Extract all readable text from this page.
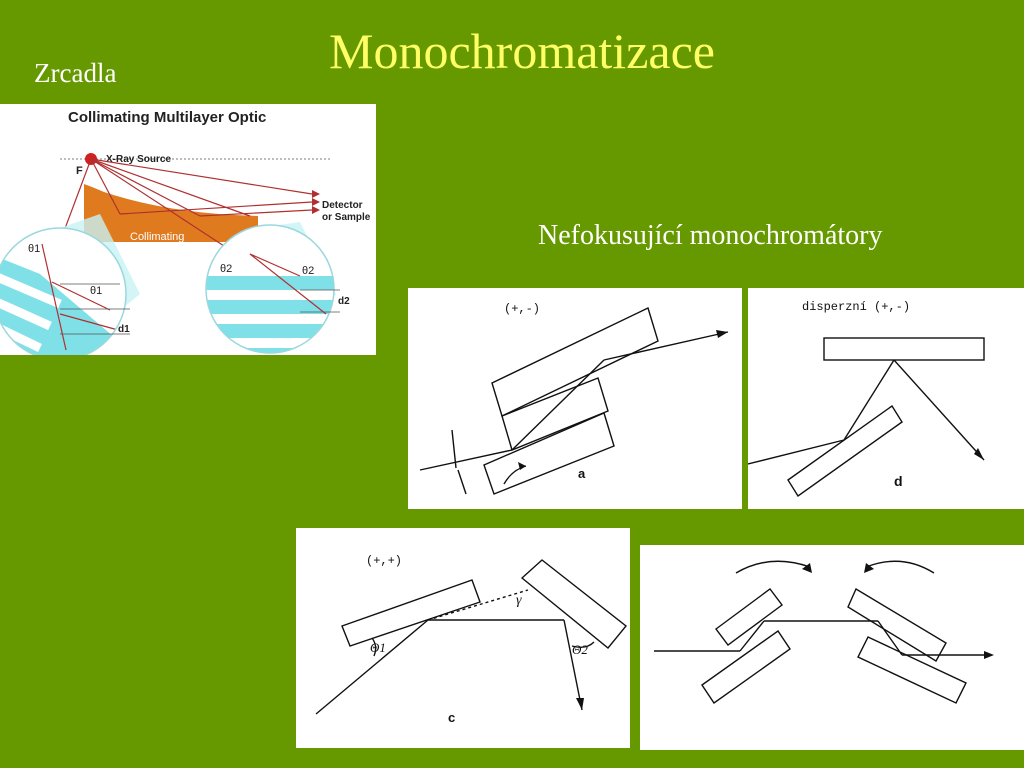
Monochromatizace
Zrcadla
Nefokusující monochromátory
Collimating Multilayer Optic
X-Ray Source
F
Collimating
Detector
or Sample
θ1
θ1
d1
θ2	θ2
d2
(+,-)
a
disperzní (+,-)
d
(+,+)
Θ1	Θ2
γ
c
